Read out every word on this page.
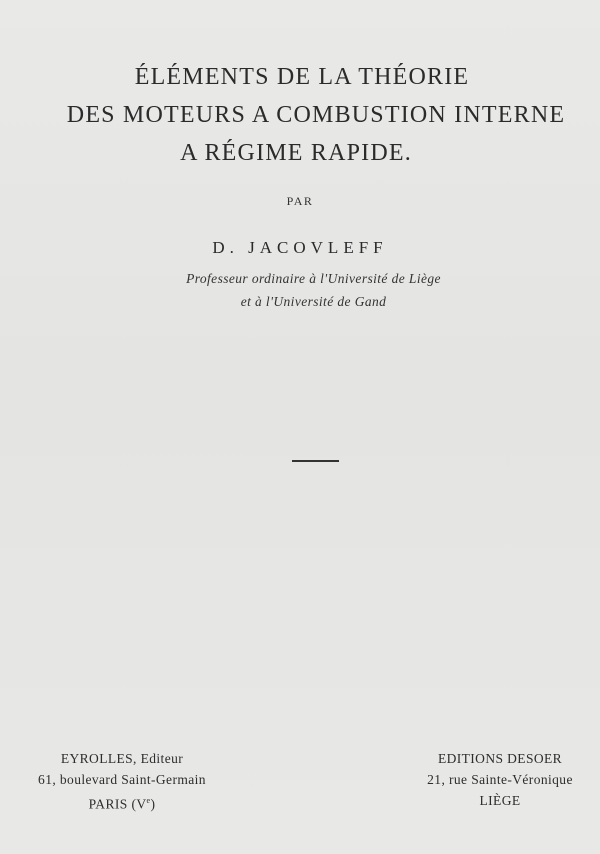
ÉLÉMENTS DE LA THÉORIE
DES MOTEURS A COMBUSTION INTERNE
A RÉGIME RAPIDE.
PAR
D. JACOVLEFF
Professeur ordinaire à l'Université de Liège
et à l'Université de Gand
EYROLLES, Editeur
61, boulevard Saint-Germain
PARIS (Ve)
EDITIONS DESOER
21, rue Sainte-Véronique
LIÈGE
